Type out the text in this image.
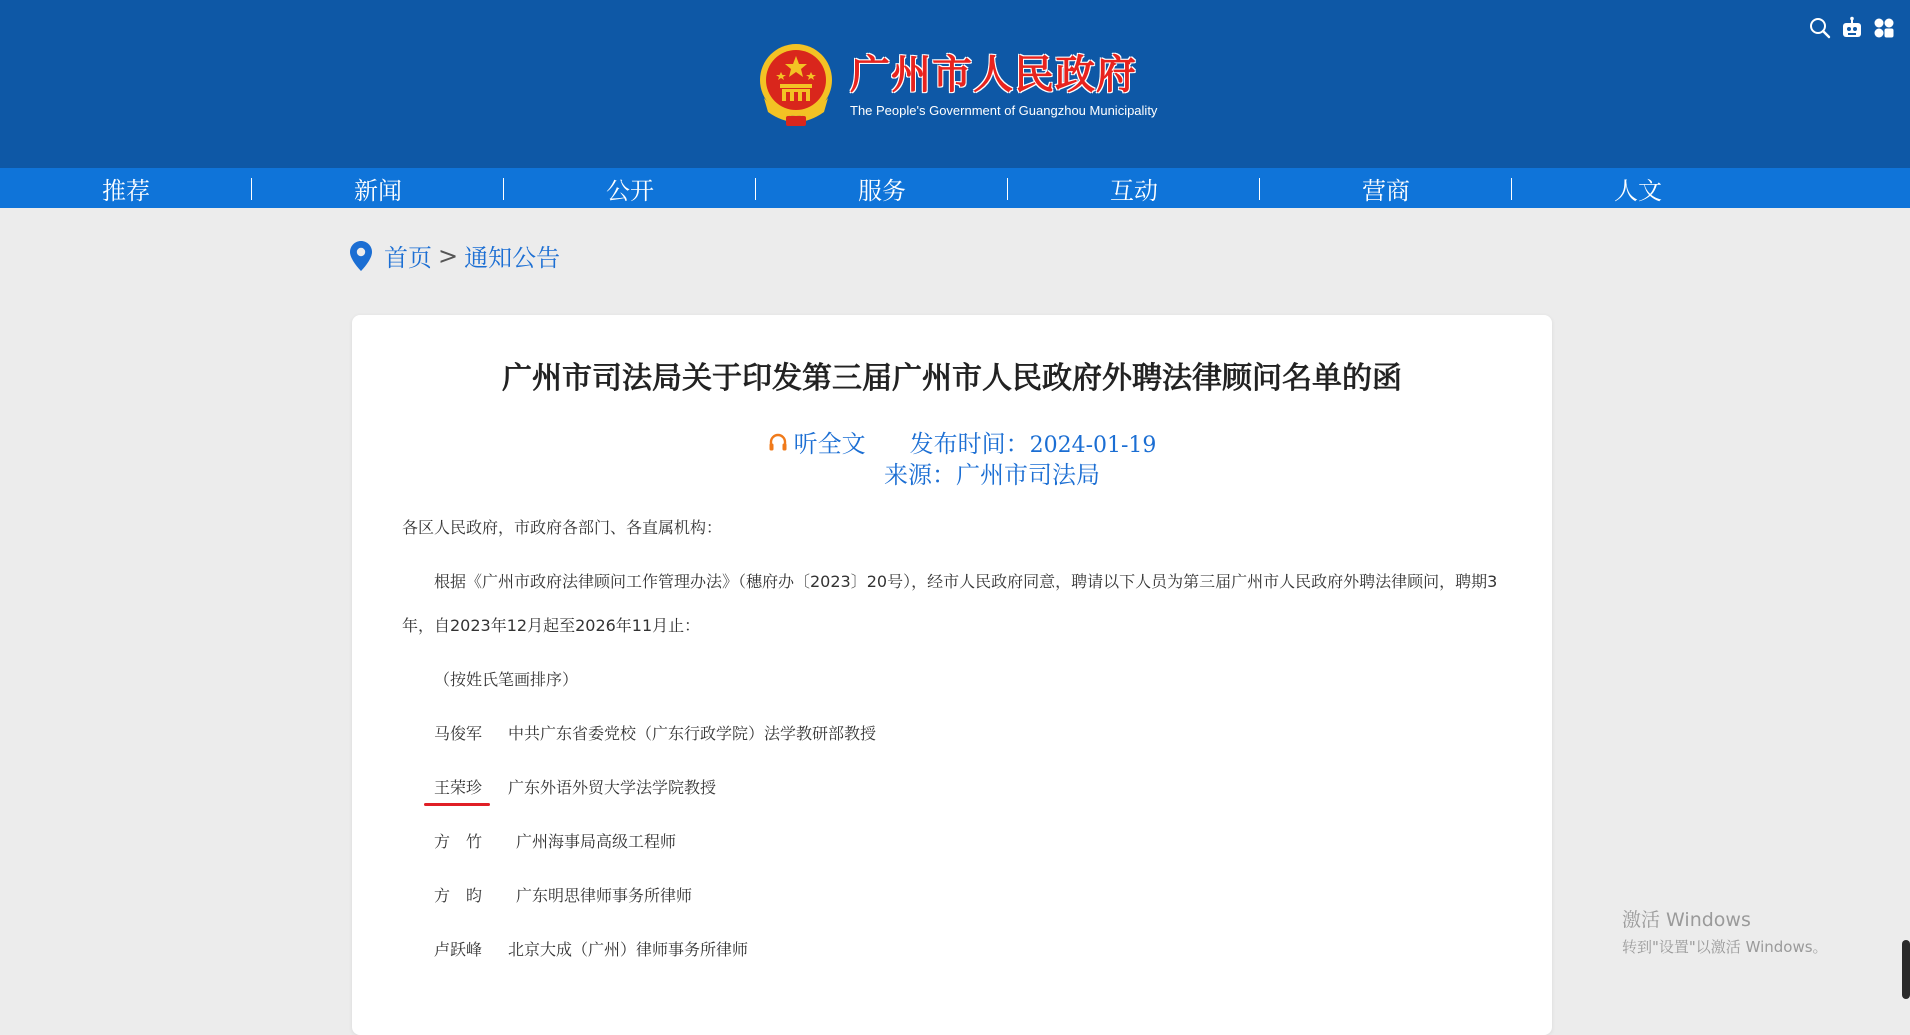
广州市人民政府
The People's Government of Guangzhou Municipality
推荐	新闻	公开	服务	互动	营商	人文
首页 > 通知公告
广州市司法局关于印发第三届广州市人民政府外聘法律顾问名单的函
听全文 发布时间：2024-01-19
来源：广州市司法局
各区人民政府，市政府各部门、各直属机构：
根据《广州市政府法律顾问工作管理办法》（穗府办〔2023〕20号），经市人民政府同意，聘请以下人员为第三届广州市人民政府外聘法律顾问，聘期3
年，自2023年12月起至2026年11月止：
（按姓氏笔画排序）
马俊军 中共广东省委党校（广东行政学院）法学教研部教授
王荣珍 广东外语外贸大学法学院教授
方　竹 广州海事局高级工程师
方　昀 广东明思律师事务所律师
卢跃峰 北京大成（广州）律师事务所律师
激活 Windows
转到"设置"以激活 Windows。
